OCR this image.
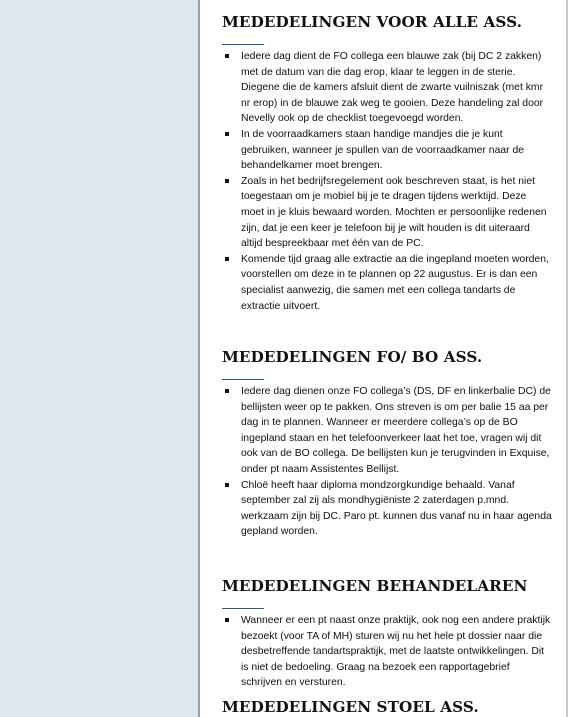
MEDEDELINGEN VOOR ALLE ASS.
Iedere dag dient de FO collega een blauwe zak (bij DC 2 zakken) met de datum van die dag erop, klaar te leggen in de sterie. Diegene die de kamers afsluit dient de zwarte vuilniszak (met kmr nr erop) in de blauwe zak weg te gooien. Deze handeling zal door Nevelly ook op de checklist toegevoegd worden.
In de voorraadkamers staan handige mandjes die je kunt gebruiken, wanneer je spullen van de voorraadkamer naar de behandelkamer moet brengen.
Zoals in het bedrijfsregelement ook beschreven staat, is het niet toegestaan om je mobiel bij je te dragen tijdens werktijd. Deze moet in je kluis bewaard worden. Mochten er persoonlijke redenen zijn, dat je een keer je telefoon bij je wilt houden is dit uiteraard altijd bespreekbaar met één van de PC.
Komende tijd graag alle extractie aa die ingepland moeten worden, voorstellen om deze in te plannen op 22 augustus. Er is dan een specialist aanwezig, die samen met een collega tandarts de extractie uitvoert.
MEDEDELINGEN FO/ BO ASS.
Iedere dag dienen onze FO collega’s (DS, DF en linkerbalie DC) de bellijsten weer op te pakken. Ons streven is om per balie 15 aa per dag in te plannen. Wanneer er meerdere collega’s op de BO ingepland staan en het telefoonverkeer laat het toe, vragen wij dit ook van de BO collega. De bellijsten kun je terugvinden in Exquise, onder pt naam Assistentes Bellijst.
Chloë heeft haar diploma mondzorgkundige behaald. Vanaf september zal zij als mondhygiëniste 2 zaterdagen p.mnd. werkzaam zijn bij DC. Paro pt. kunnen dus vanaf nu in haar agenda gepland worden.
MEDEDELINGEN BEHANDELAREN
Wanneer er een pt naast onze praktijk, ook nog een andere praktijk bezoekt (voor TA of MH) sturen wij nu het hele pt dossier naar die desbetreffende tandartspraktijk, met de laatste ontwikkelingen. Dit is niet de bedoeling. Graag na bezoek een rapportagebrief schrijven en versturen.
MEDEDELINGEN STOEL ASS.
